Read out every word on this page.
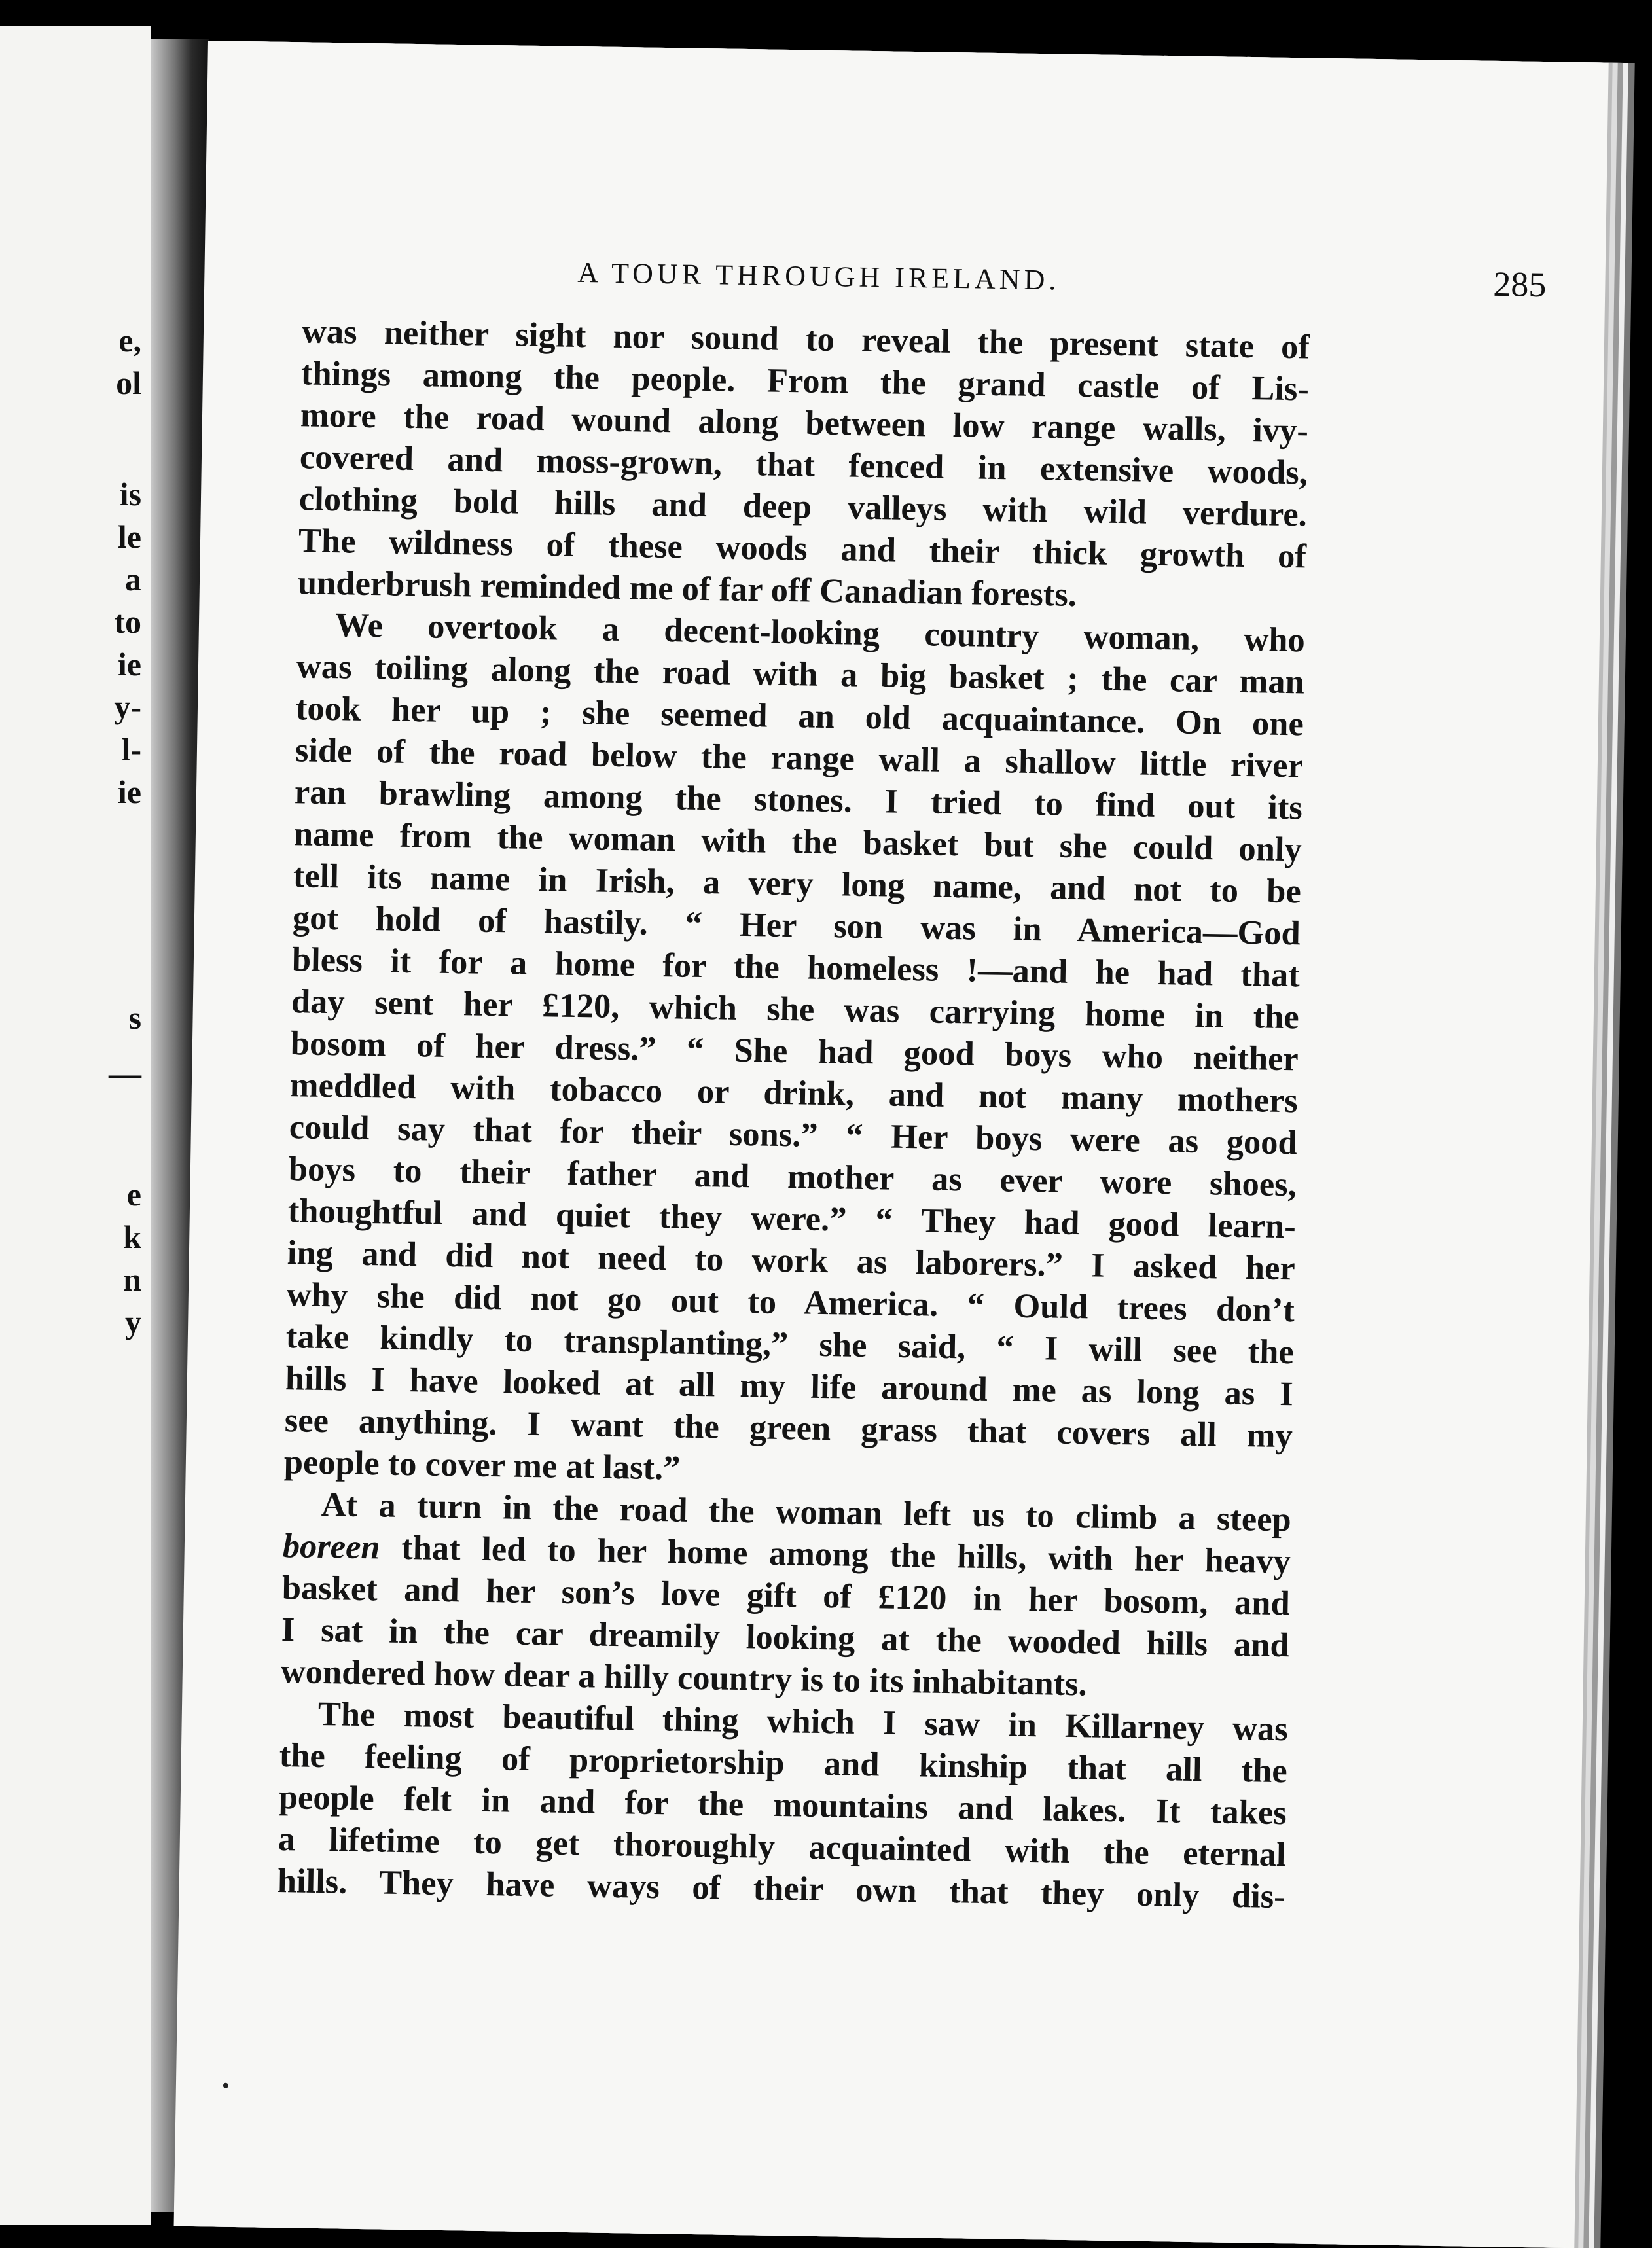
e,
ol
is
le
a
to
ie
y-
l-
ie
s
—
e
k
n
y
A TOUR THROUGH IRELAND.	285
was neither sight nor sound to reveal the present state of
things among the people. From the grand castle of Lis-
more the road wound along between low range walls, ivy-
covered and moss-grown, that fenced in extensive woods,
clothing bold hills and deep valleys with wild verdure.
The wildness of these woods and their thick growth of
underbrush reminded me of far off Canadian forests.
We overtook a decent-looking country woman, who
was toiling along the road with a big basket ; the car man
took her up ; she seemed an old acquaintance. On one
side of the road below the range wall a shallow little river
ran brawling among the stones. I tried to find out its
name from the woman with the basket but she could only
tell its name in Irish, a very long name, and not to be
got hold of hastily. “ Her son was in America—God
bless it for a home for the homeless !—and he had that
day sent her £120, which she was carrying home in the
bosom of her dress.” “ She had good boys who neither
meddled with tobacco or drink, and not many mothers
could say that for their sons.” “ Her boys were as good
boys to their father and mother as ever wore shoes,
thoughtful and quiet they were.” “ They had good learn-
ing and did not need to work as laborers.” I asked her
why she did not go out to America. “ Ould trees don’t
take kindly to transplanting,” she said, “ I will see the
hills I have looked at all my life around me as long as I
see anything. I want the green grass that covers all my
people to cover me at last.”
At a turn in the road the woman left us to climb a steep
boreen that led to her home among the hills, with her heavy
basket and her son’s love gift of £120 in her bosom, and
I sat in the car dreamily looking at the wooded hills and
wondered how dear a hilly country is to its inhabitants.
The most beautiful thing which I saw in Killarney was
the feeling of proprietorship and kinship that all the
people felt in and for the mountains and lakes. It takes
a lifetime to get thoroughly acquainted with the eternal
hills. They have ways of their own that they only dis-
